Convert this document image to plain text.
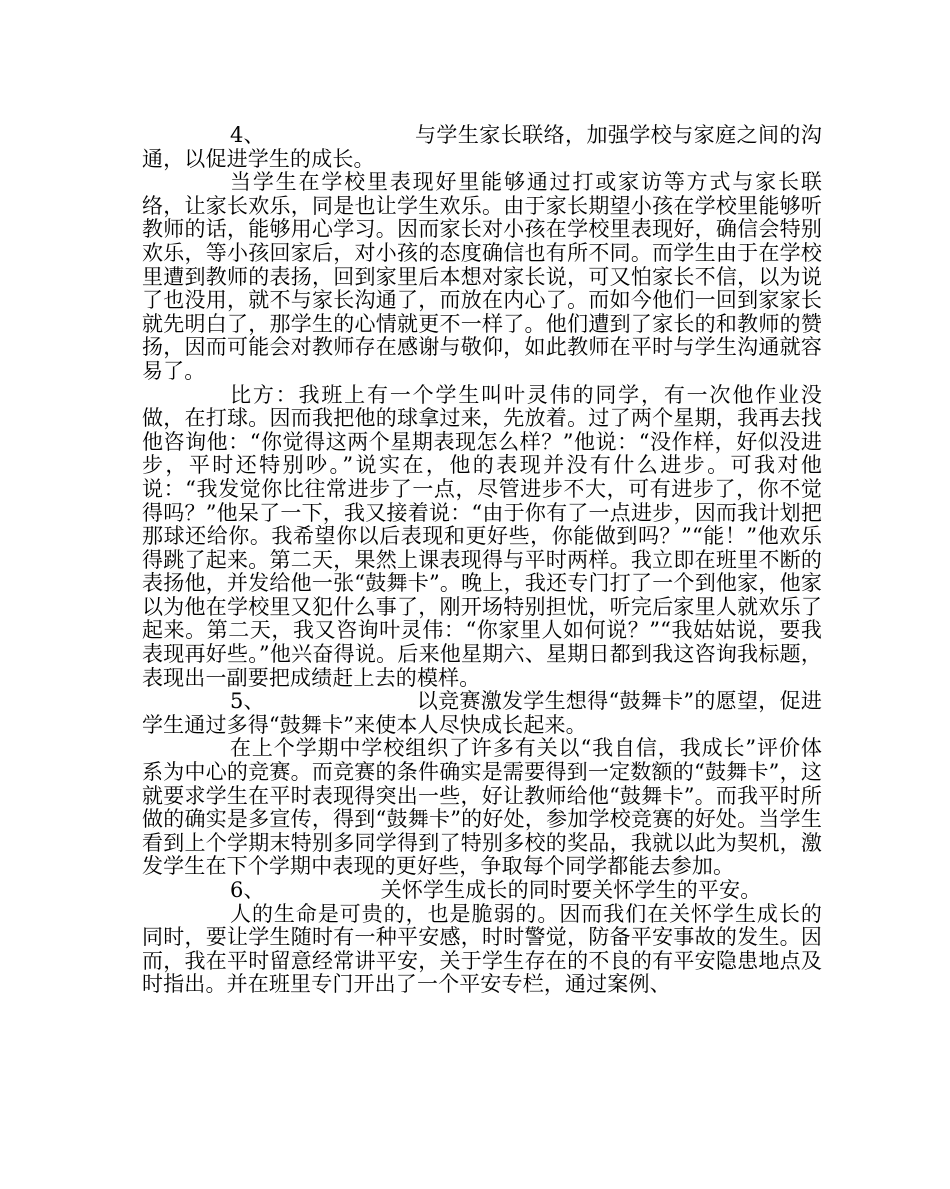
4、	与学生家长联络，加强学校与家庭之间的沟通，以促进学生的成长。

当学生在学校里表现好里能够通过打或家访等方式与家长联络，让家长欢乐，同是也让学生欢乐。由于家长期望小孩在学校里能够听教师的话，能够用心学习。因而家长对小孩在学校里表现好，确信会特别欢乐，等小孩回家后，对小孩的态度确信也有所不同。而学生由于在学校里遭到教师的表扬，回到家里后本想对家长说，可又怕家长不信，以为说了也没用，就不与家长沟通了，而放在内心了。而如今他们一回到家家长就先明白了，那学生的心情就更不一样了。他们遭到了家长的和教师的赞扬，因而可能会对教师存在感谢与敬仰，如此教师在平时与学生沟通就容易了。

比方：我班上有一个学生叫叶灵伟的同学，有一次他作业没做，在打球。因而我把他的球拿过来，先放着。过了两个星期，我再去找他咨询他：“你觉得这两个星期表现怎么样？”他说：“没作样，好似没进步，平时还特别吵。”说实在，他的表现并没有什么进步。可我对他说：“我发觉你比往常进步了一点，尽管进步不大，可有进步了，你不觉得吗？”他呆了一下，我又接着说：“由于你有了一点进步，因而我计划把那球还给你。我希望你以后表现和更好些，你能做到吗？”“能！”他欢乐得跳了起来。第二天，果然上课表现得与平时两样。我立即在班里不断的表扬他，并发给他一张“鼓舞卡”。晚上，我还专门打了一个到他家，他家以为他在学校里又犯什么事了，刚开场特别担忧，听完后家里人就欢乐了起来。第二天，我又咨询叶灵伟：“你家里人如何说？”“我姑姑说，要我表现再好些。”他兴奋得说。后来他星期六、星期日都到我这咨询我标题，表现出一副要把成绩赶上去的模样。

5、	以竞赛激发学生想得“鼓舞卡”的愿望，促进学生通过多得“鼓舞卡”来使本人尽快成长起来。

在上个学期中学校组织了许多有关以“我自信，我成长”评价体系为中心的竞赛。而竞赛的条件确实是需要得到一定数额的“鼓舞卡”，这就要求学生在平时表现得突出一些，好让教师给他“鼓舞卡”。而我平时所做的确实是多宣传，得到“鼓舞卡”的好处，参加学校竞赛的好处。当学生看到上个学期末特别多同学得到了特别多校的奖品，我就以此为契机，激发学生在下个学期中表现的更好些，争取每个同学都能去参加。

6、	关怀学生成长的同时要关怀学生的平安。

人的生命是可贵的，也是脆弱的。因而我们在关怀学生成长的同时，要让学生随时有一种平安感，时时警觉，防备平安事故的发生。因而，我在平时留意经常讲平安，关于学生存在的不良的有平安隐患地点及时指出。并在班里专门开出了一个平安专栏，通过案例、
